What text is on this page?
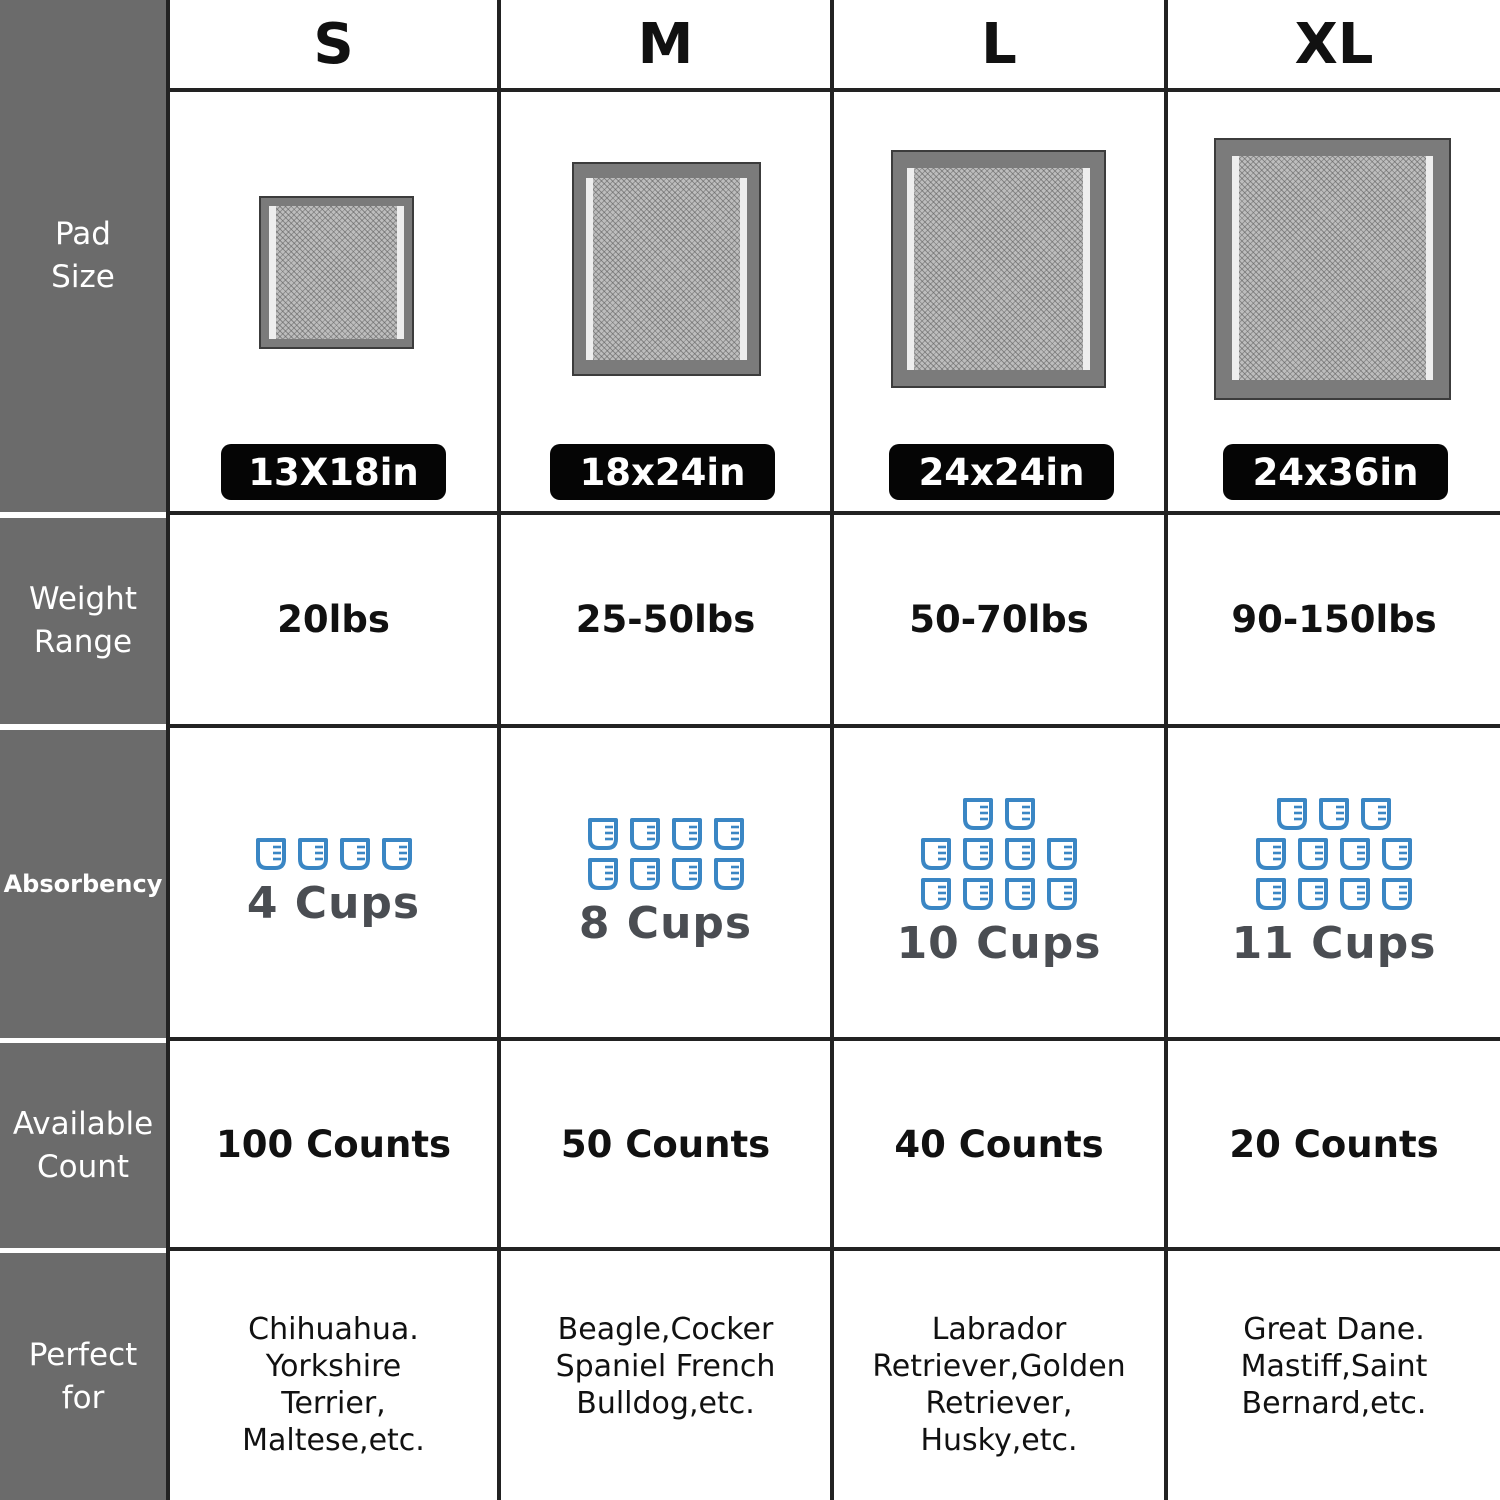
Pad
Size
Weight
Range
Absorbency
Available
Count
Perfect
for
S
13X18in
20lbs
4 Cups
100 Counts
Chihuahua.
Yorkshire
Terrier,
Maltese,etc.
M
18x24in
25-50lbs
8 Cups
50 Counts
Beagle,Cocker
Spaniel French
Bulldog,etc.
L
24x24in
50-70lbs
10 Cups
40 Counts
Labrador
Retriever,Golden
Retriever,
Husky,etc.
XL
24x36in
90-150lbs
11 Cups
20 Counts
Great Dane.
Mastiff,Saint
Bernard,etc.
